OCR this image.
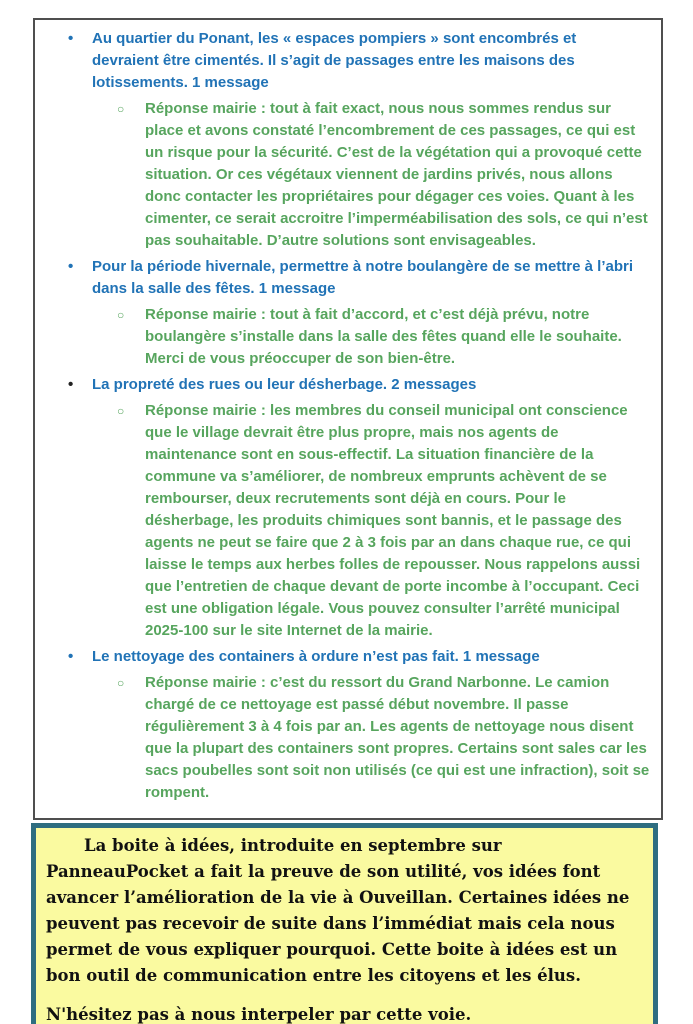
• Au quartier du Ponant, les « espaces pompiers » sont encombrés et devraient être cimentés. Il s’agit de passages entre les maisons des lotissements. 1 message
○ Réponse mairie : tout à fait exact, nous nous sommes rendus sur place et avons constaté l’encombrement de ces passages, ce qui est un risque pour la sécurité. C’est de la végétation qui a provoqué cette situation. Or ces végétaux viennent de jardins privés, nous allons donc contacter les propriétaires pour dégager ces voies. Quant à les cimenter, ce serait accroitre l’imperméabilisation des sols, ce qui n’est pas souhaitable. D’autre solutions sont envisageables.
• Pour la période hivernale, permettre à notre boulangère de se mettre à l’abri dans la salle des fêtes. 1 message
○ Réponse mairie : tout à fait d’accord, et c’est déjà prévu, notre boulangère s’installe dans la salle des fêtes quand elle le souhaite. Merci de vous préoccuper de son bien-être.
• La propreté des rues ou leur désherbage. 2 messages
○ Réponse mairie : les membres du conseil municipal ont conscience que le village devrait être plus propre, mais nos agents de maintenance sont en sous-effectif. La situation financière de la commune va s’améliorer, de nombreux emprunts achèvent de se rembourser, deux recrutements sont déjà en cours. Pour le désherbage, les produits chimiques sont bannis, et le passage des agents ne peut se faire que 2 à 3 fois par an dans chaque rue, ce qui laisse le temps aux herbes folles de repousser. Nous rappelons aussi que l’entretien de chaque devant de porte incombe à l’occupant. Ceci est une obligation légale. Vous pouvez consulter l’arrêté municipal 2025-100 sur le site Internet de la mairie.
• Le nettoyage des containers à ordure n’est pas fait. 1 message
○ Réponse mairie : c’est du ressort du Grand Narbonne. Le camion chargé de ce nettoyage est passé début novembre. Il passe régulièrement 3 à 4 fois par an. Les agents de nettoyage nous disent que la plupart des containers sont propres. Certains sont sales car les sacs poubelles sont soit non utilisés (ce qui est une infraction), soit se rompent.

La boite à idées, introduite en septembre sur PanneauPocket a fait la preuve de son utilité, vos idées font avancer l’amélioration de la vie à Ouveillan. Certaines idées ne peuvent pas recevoir de suite dans l’immédiat mais cela nous permet de vous expliquer pourquoi. Cette boite à idées est un bon outil de communication entre les citoyens et les élus.

N'hésitez pas à nous interpeler par cette voie.
